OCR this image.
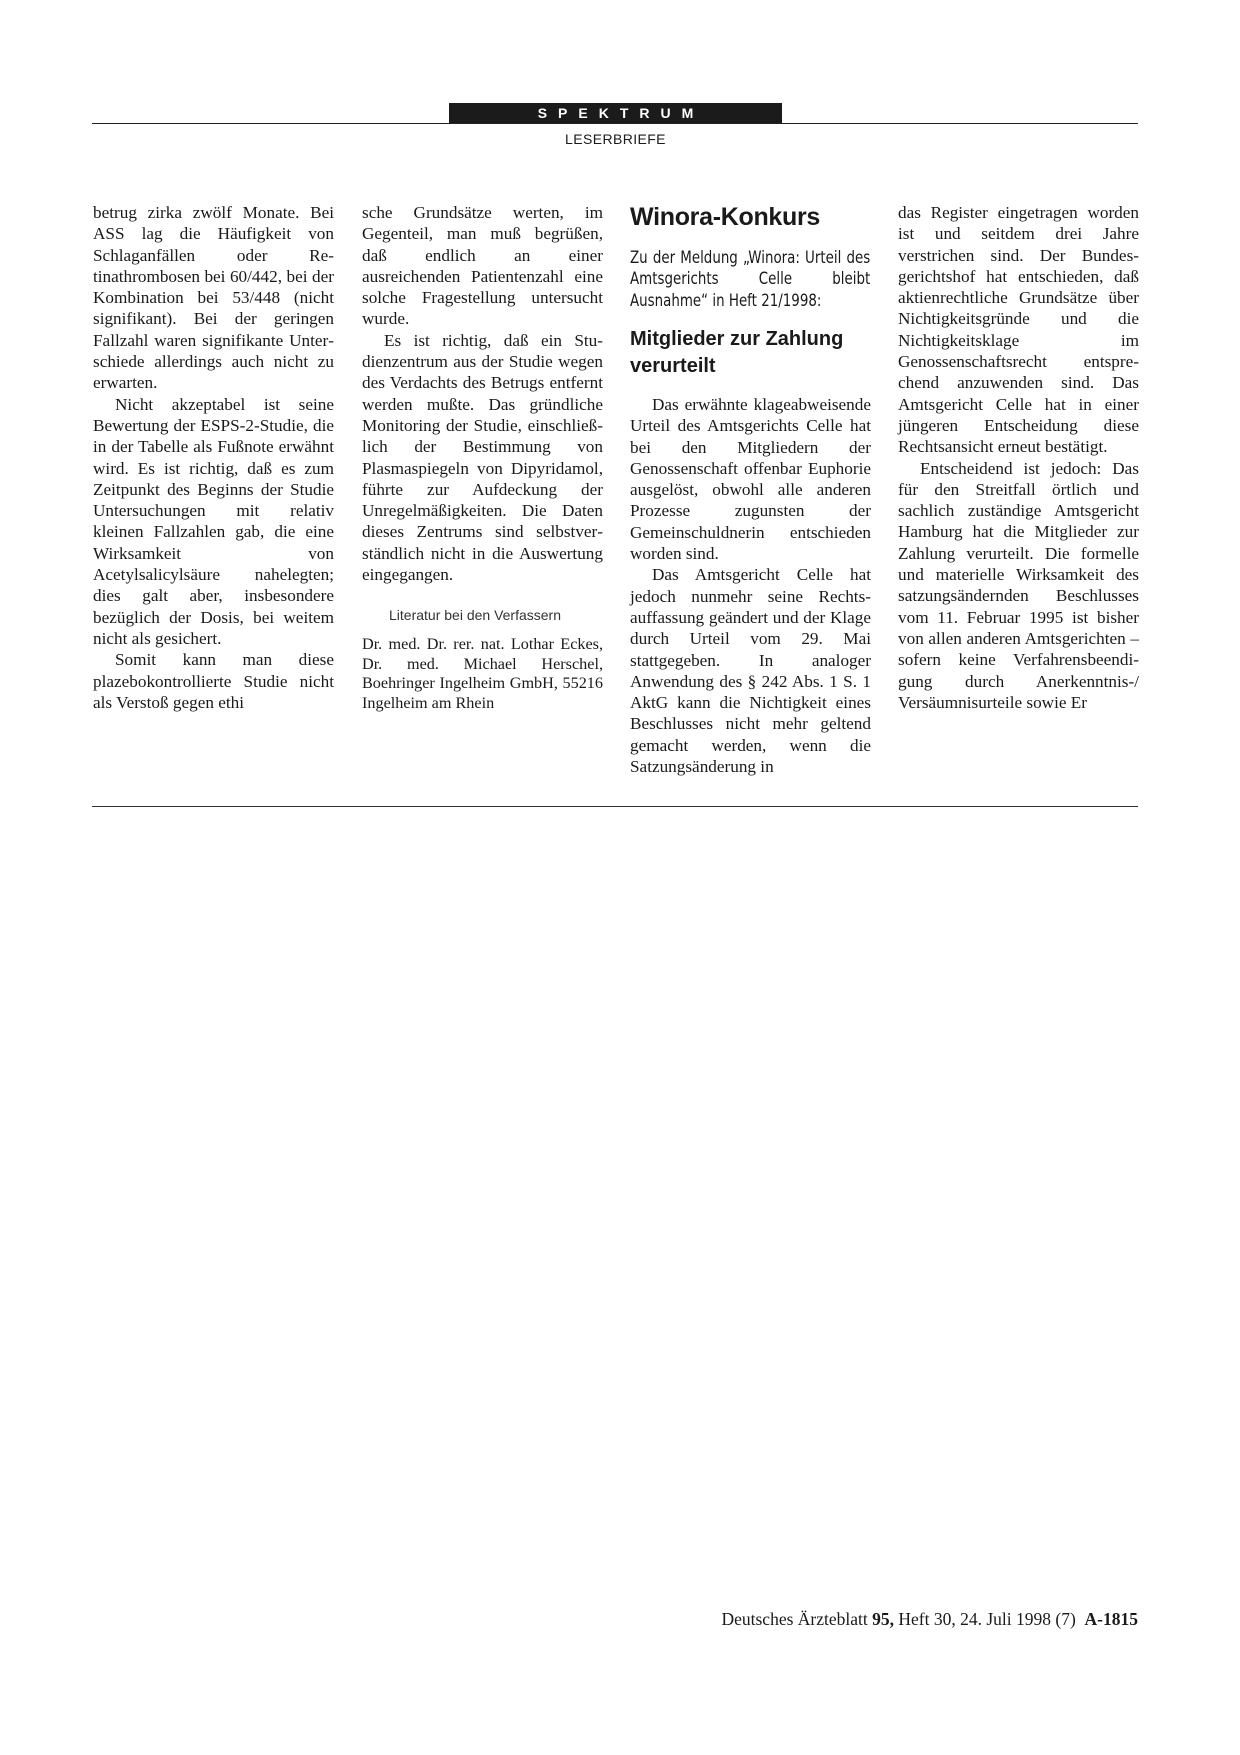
SPEKTRUM
LESERBRIEFE

betrug zirka zwölf Monate. Bei ASS lag die Häufigkeit von Schlaganfällen oder Retinathrombosen bei 60/442, bei der Kombination bei 53/448 (nicht signifikant). Bei der geringen Fallzahl waren signifikante Unterschiede allerdings auch nicht zu erwarten.

Nicht akzeptabel ist seine Bewertung der ESPS-2-Studie, die in der Tabelle als Fußnote erwähnt wird. Es ist richtig, daß es zum Zeitpunkt des Beginns der Studie Untersuchungen mit relativ kleinen Fallzahlen gab, die eine Wirksamkeit von Acetylsalicylsäure nahelegten; dies galt aber, insbesondere bezüglich der Dosis, bei weitem nicht als gesichert.

Somit kann man diese plazebokontrollierte Studie nicht als Verstoß gegen ethi

sche Grundsätze werten, im Gegenteil, man muß begrüßen, daß endlich an einer ausreichenden Patientenzahl eine solche Fragestellung untersucht wurde.

Es ist richtig, daß ein Studienzentrum aus der Studie wegen des Verdachts des Betrugs entfernt werden mußte. Das gründliche Monitoring der Studie, einschließlich der Bestimmung von Plasmaspiegeln von Dipyridamol, führte zur Aufdeckung der Unregelmäßigkeiten. Die Daten dieses Zentrums sind selbstverständlich nicht in die Auswertung eingegangen.

Literatur bei den Verfassern

Dr. med. Dr. rer. nat. Lothar Eckes, Dr. med. Michael Herschel, Boehringer Ingelheim GmbH, 55216 Ingelheim am Rhein

Winora-Konkurs

Zu der Meldung „Winora: Urteil des Amtsgerichts Celle bleibt Ausnahme“ in Heft 21/1998:

Mitglieder zur Zahlung verurteilt

Das erwähnte klageabweisende Urteil des Amtsgerichts Celle hat bei den Mitgliedern der Genossenschaft offenbar Euphorie ausgelöst, obwohl alle anderen Prozesse zugunsten der Gemeinschuldnerin entschieden worden sind.

Das Amtsgericht Celle hat jedoch nunmehr seine Rechtsauffassung geändert und der Klage durch Urteil vom 29. Mai stattgegeben. In analoger Anwendung des § 242 Abs. 1 S. 1 AktG kann die Nichtigkeit eines Beschlusses nicht mehr geltend gemacht werden, wenn die Satzungsänderung in

das Register eingetragen worden ist und seitdem drei Jahre verstrichen sind. Der Bundesgerichtshof hat entschieden, daß aktienrechtliche Grundsätze über Nichtigkeitsgründe und die Nichtigkeitsklage im Genossenschaftsrecht entsprechend anzuwenden sind. Das Amtsgericht Celle hat in einer jüngeren Entscheidung diese Rechtsansicht erneut bestätigt.

Entscheidend ist jedoch: Das für den Streitfall örtlich und sachlich zuständige Amtsgericht Hamburg hat die Mitglieder zur Zahlung verurteilt. Die formelle und materielle Wirksamkeit des satzungsändernden Beschlusses vom 11. Februar 1995 ist bisher von allen anderen Amtsgerichten – sofern keine Verfahrensbeendigung durch Anerkenntnis-/ Versäumnisurteile sowie Er

Deutsches Ärzteblatt 95, Heft 30, 24. Juli 1998 (7) A-1815
